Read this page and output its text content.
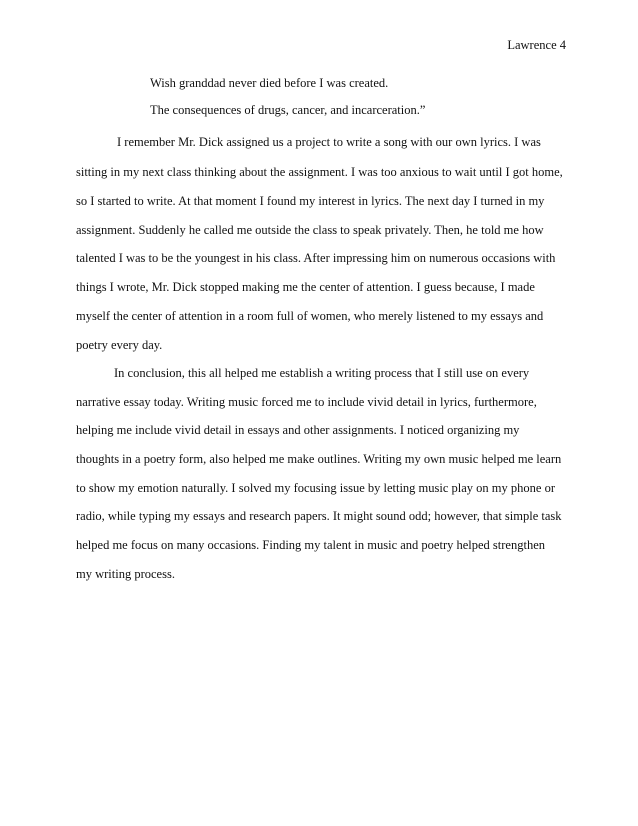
Lawrence 4
Wish granddad never died before I was created.
The consequences of drugs, cancer, and incarceration.”
I remember Mr. Dick assigned us a project to write a song with our own lyrics. I was
sitting in my next class thinking about the assignment. I was too anxious to wait until I got home,
so I started to write. At that moment I found my interest in lyrics. The next day I turned in my
assignment. Suddenly he called me outside the class to speak privately. Then, he told me how
talented I was to be the youngest in his class. After impressing him on numerous occasions with
things I wrote, Mr. Dick stopped making me the center of attention. I guess because, I made
myself the center of attention in a room full of women, who merely listened to my essays and
poetry every day.
In conclusion, this all helped me establish a writing process that I still use on every
narrative essay today. Writing music forced me to include vivid detail in lyrics, furthermore,
helping me include vivid detail in essays and other assignments. I noticed organizing my
thoughts in a poetry form, also helped me make outlines. Writing my own music helped me learn
to show my emotion naturally. I solved my focusing issue by letting music play on my phone or
radio, while typing my essays and research papers. It might sound odd; however, that simple task
helped me focus on many occasions. Finding my talent in music and poetry helped strengthen
my writing process.
